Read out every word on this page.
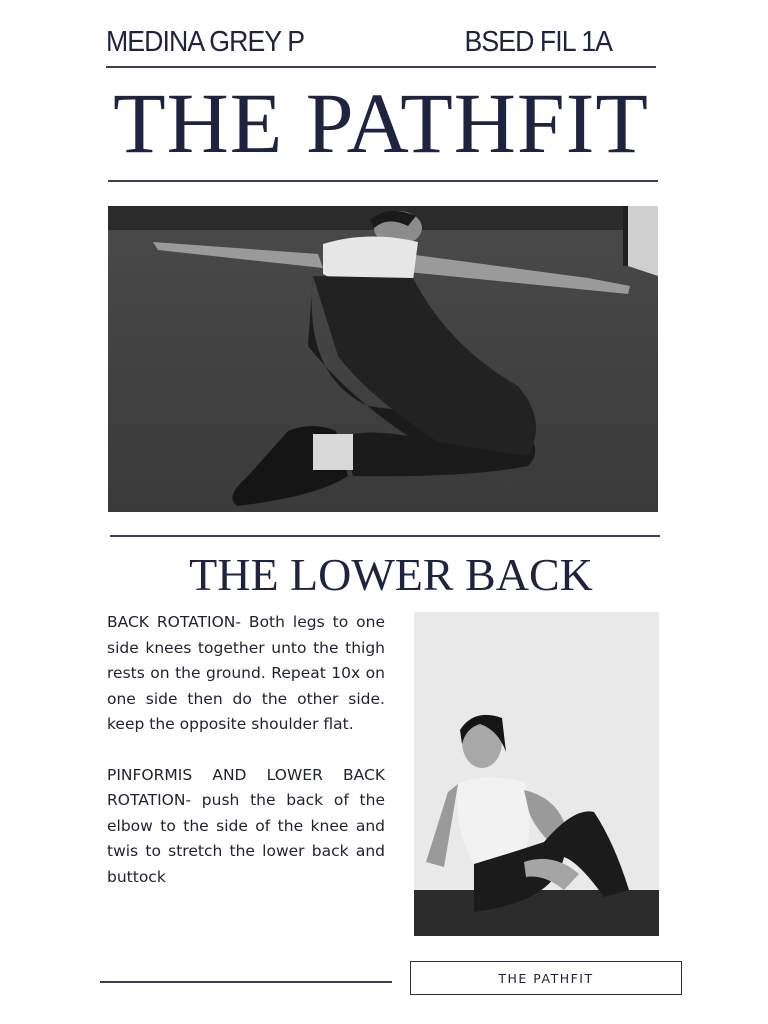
MEDINA GREY P	BSED FIL 1A
THE PATHFIT
THE LOWER BACK

BACK ROTATION- Both legs to one side knees together unto the thigh rests on the ground. Repeat 10x on one side then do the other side. keep the opposite shoulder flat.

PINFORMIS AND LOWER BACK ROTATION- push the back of the elbow to the side of the knee and twis to stretch the lower back and buttock

THE PATHFIT
